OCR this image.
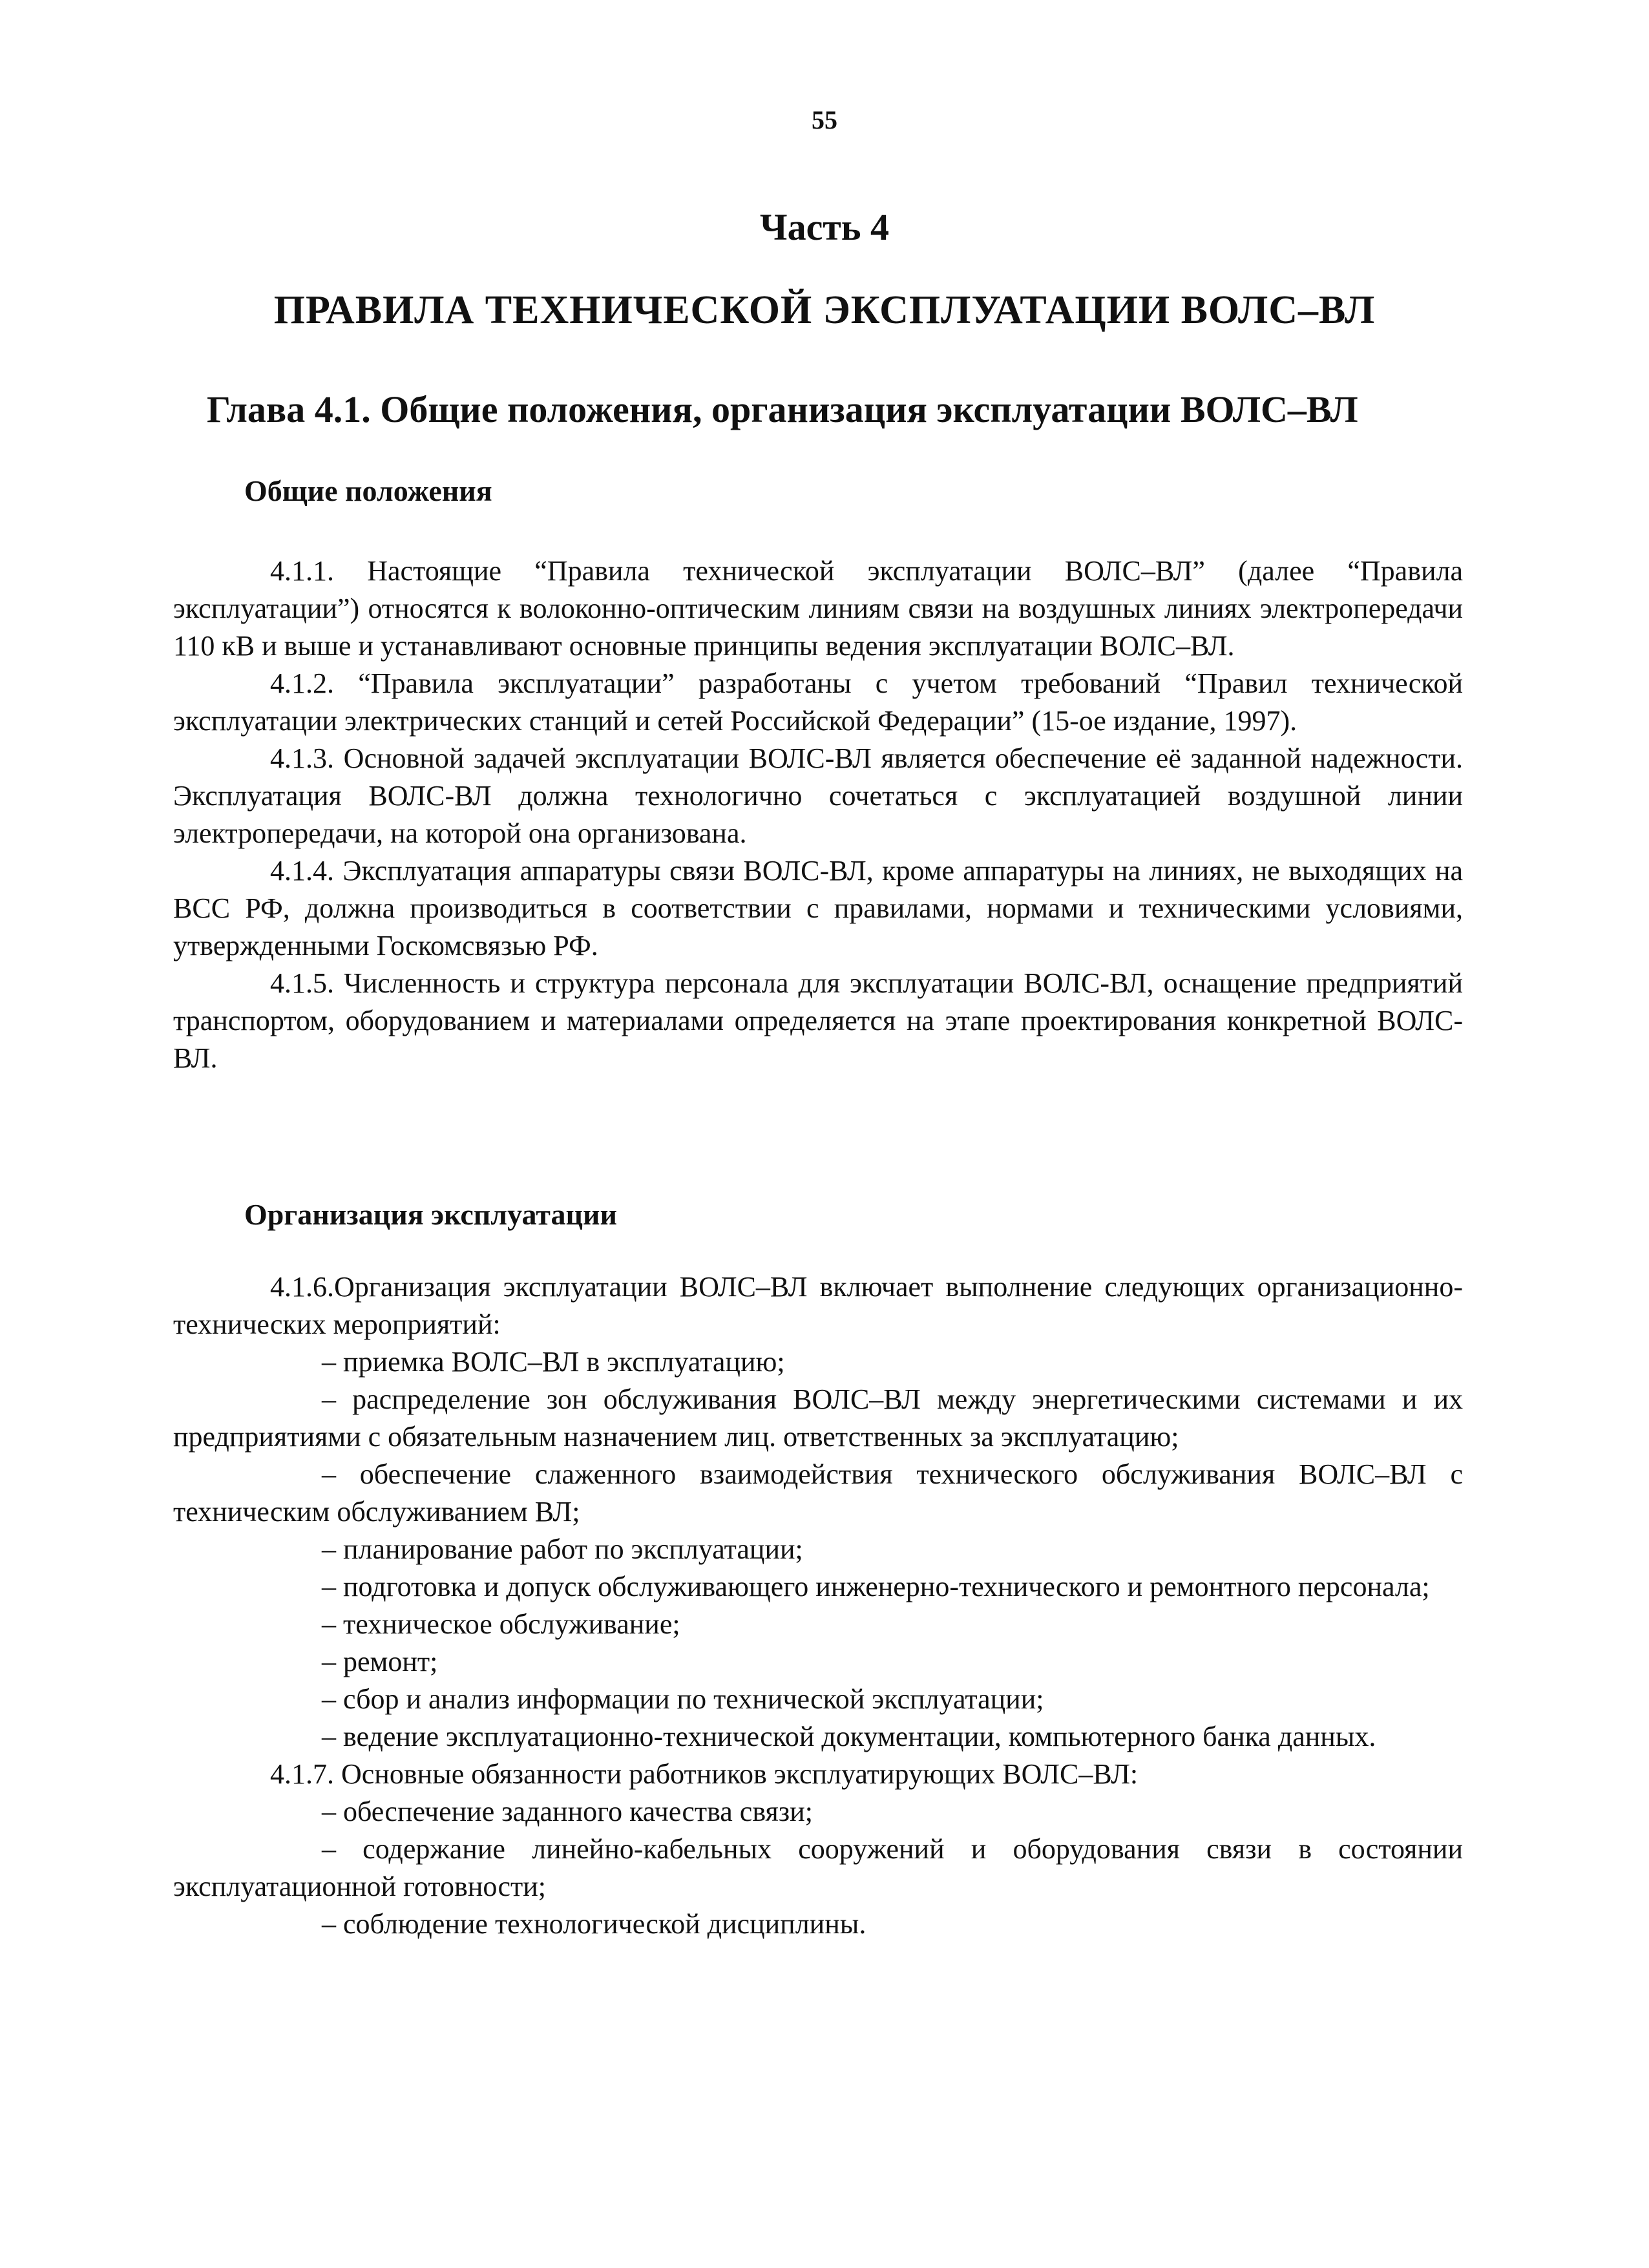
55
Часть 4
ПРАВИЛА ТЕХНИЧЕСКОЙ ЭКСПЛУАТАЦИИ ВОЛС–ВЛ
Глава 4.1. Общие положения, организация эксплуатации ВОЛС–ВЛ
Общие положения

4.1.1. Настоящие “Правила технической эксплуатации ВОЛС–ВЛ” (далее “Правила эксплуатации”) относятся к волоконно-оптическим линиям связи на воздушных линиях электропередачи 110 кВ и выше и устанавливают основные принципы ведения эксплуатации ВОЛС–ВЛ.

4.1.2. “Правила эксплуатации” разработаны с учетом требований “Правил технической эксплуатации электрических станций и сетей Российской Федерации” (15-ое издание, 1997).

4.1.3. Основной задачей эксплуатации ВОЛС-ВЛ является обеспечение её заданной надежности. Эксплуатация ВОЛС-ВЛ должна технологично сочетаться с эксплуатацией воздушной линии электропередачи, на которой она организована.

4.1.4. Эксплуатация аппаратуры связи ВОЛС-ВЛ, кроме аппаратуры на линиях, не выходящих на ВСС РФ, должна производиться в соответствии с правилами, нормами и техническими условиями, утвержденными Госкомсвязью РФ.

4.1.5. Численность и структура персонала для эксплуатации ВОЛС-ВЛ, оснащение предприятий транспортом, оборудованием и материалами определяется на этапе проектирования конкретной ВОЛС-ВЛ.

Организация эксплуатации

4.1.6.Организация эксплуатации ВОЛС–ВЛ включает выполнение следующих организационно-технических мероприятий:

– приемка ВОЛС–ВЛ в эксплуатацию;

– распределение зон обслуживания ВОЛС–ВЛ между энергетическими системами и их предприятиями с обязательным назначением лиц. ответственных за эксплуатацию;

– обеспечение слаженного взаимодействия технического обслуживания ВОЛС–ВЛ с техническим обслуживанием ВЛ;

– планирование работ по эксплуатации;

– подготовка и допуск обслуживающего инженерно-технического и ремонтного персонала;

– техническое обслуживание;

– ремонт;

– сбор и анализ информации по технической эксплуатации;

– ведение эксплуатационно-технической документации, компьютерного банка данных.

4.1.7. Основные обязанности работников эксплуатирующих ВОЛС–ВЛ:

– обеспечение заданного качества связи;

– содержание линейно-кабельных сооружений и оборудования связи в состоянии эксплуатационной готовности;

– соблюдение технологической дисциплины.
